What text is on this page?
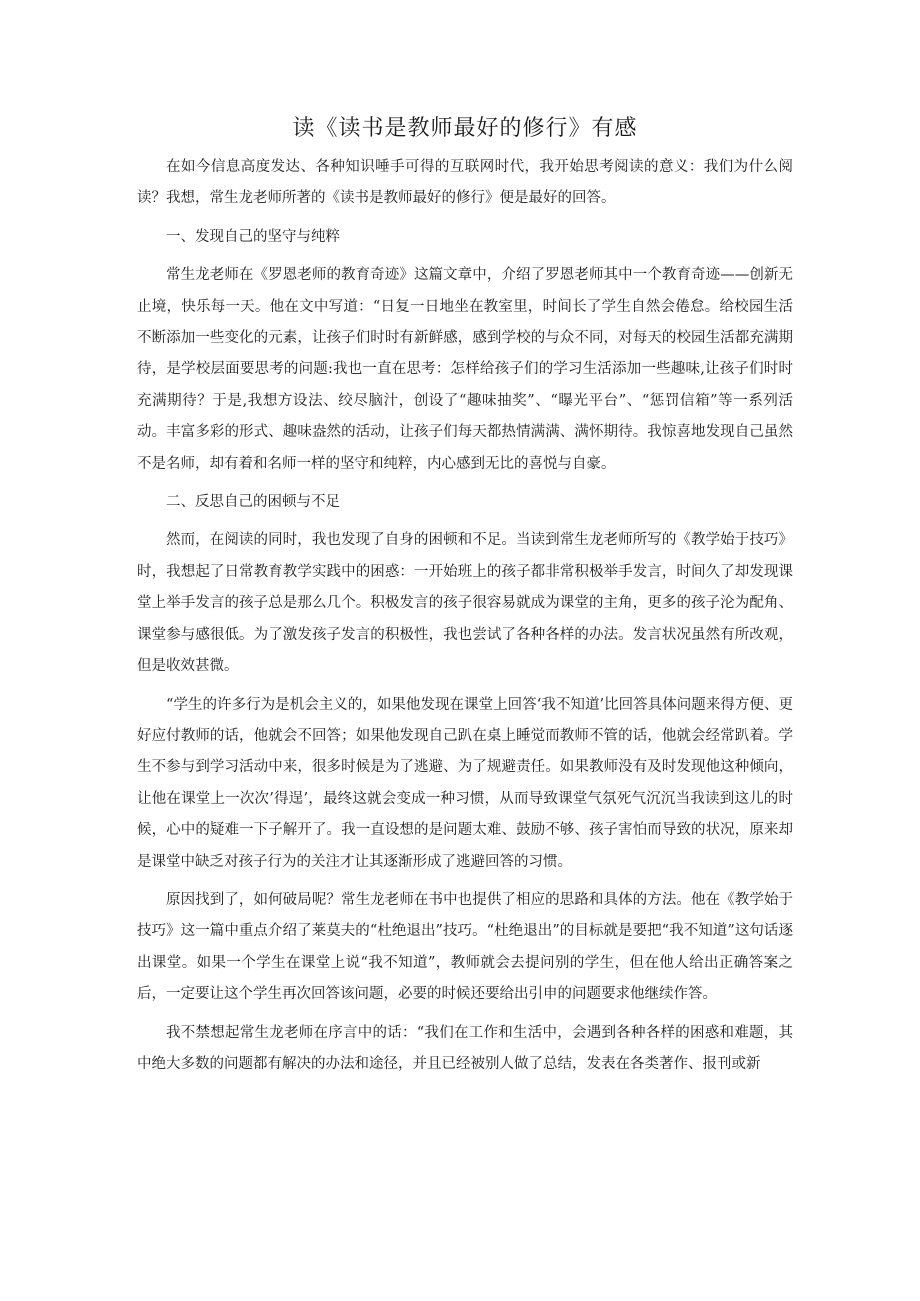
读《读书是教师最好的修行》有感

在如今信息高度发达、各种知识唾手可得的互联网时代，我开始思考阅读的意义：我们为什么阅读？我想，常生龙老师所著的《读书是教师最好的修行》便是最好的回答。

一、发现自己的坚守与纯粹

常生龙老师在《罗恩老师的教育奇迹》这篇文章中，介绍了罗恩老师其中一个教育奇迹——创新无止境，快乐每一天。他在文中写道：“日复一日地坐在教室里，时间长了学生自然会倦怠。给校园生活不断添加一些变化的元素，让孩子们时时有新鲜感，感到学校的与众不同，对每天的校园生活都充满期待，是学校层面要思考的问题:我也一直在思考：怎样给孩子们的学习生活添加一些趣味,让孩子们时时充满期待？于是,我想方设法、绞尽脑汁，创设了“趣味抽奖”、“曝光平台”、“惩罚信箱”等一系列活动。丰富多彩的形式、趣味盎然的活动，让孩子们每天都热情满满、满怀期待。我惊喜地发现自己虽然不是名师，却有着和名师一样的坚守和纯粹，内心感到无比的喜悦与自豪。

二、反思自己的困顿与不足

然而，在阅读的同时，我也发现了自身的困顿和不足。当读到常生龙老师所写的《教学始于技巧》时，我想起了日常教育教学实践中的困惑：一开始班上的孩子都非常积极举手发言，时间久了却发现课堂上举手发言的孩子总是那么几个。积极发言的孩子很容易就成为课堂的主角，更多的孩子沦为配角、课堂参与感很低。为了激发孩子发言的积极性，我也尝试了各种各样的办法。发言状况虽然有所改观，但是收效甚微。

“学生的许多行为是机会主义的，如果他发现在课堂上回答‘我不知道’比回答具体问题来得方便、更好应付教师的话，他就会不回答；如果他发现自己趴在桌上睡觉而教师不管的话，他就会经常趴着。学生不参与到学习活动中来，很多时候是为了逃避、为了规避责任。如果教师没有及时发现他这种倾向，让他在课堂上一次次’得逞’，最终这就会变成一种习惯，从而导致课堂气氛死气沉沉当我读到这儿的时候，心中的疑难一下子解开了。我一直设想的是问题太难、鼓励不够、孩子害怕而导致的状况，原来却是课堂中缺乏对孩子行为的关注才让其逐渐形成了逃避回答的习惯。

原因找到了，如何破局呢？常生龙老师在书中也提供了相应的思路和具体的方法。他在《教学始于技巧》这一篇中重点介绍了莱莫夫的“杜绝退出”技巧。“杜绝退出”的目标就是要把“我不知道”这句话逐出课堂。如果一个学生在课堂上说“我不知道”，教师就会去提问别的学生，但在他人给出正确答案之后，一定要让这个学生再次回答该问题，必要的时候还要给出引申的问题要求他继续作答。

我不禁想起常生龙老师在序言中的话：“我们在工作和生活中，会遇到各种各样的困惑和难题，其中绝大多数的问题都有解决的办法和途径，并且已经被别人做了总结，发表在各类著作、报刊或新
